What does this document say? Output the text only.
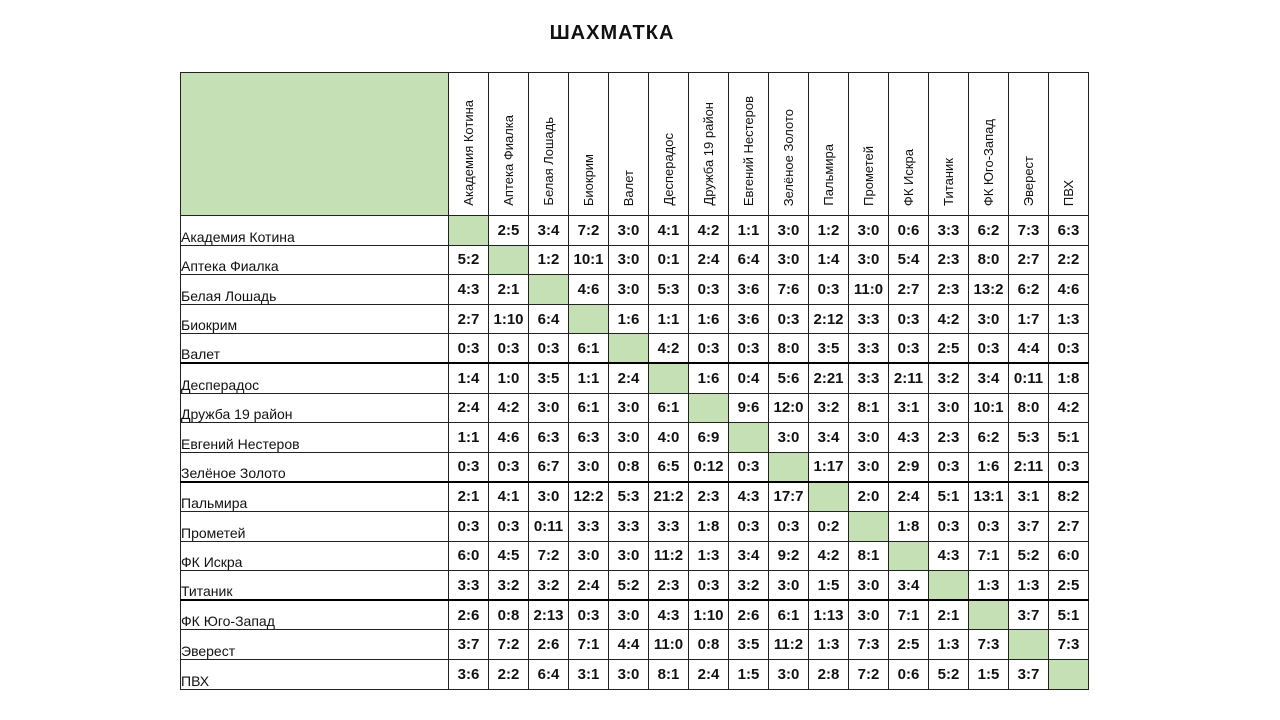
ШАХМАТКА
	Академия Котина	Аптека Фиалка	Белая Лошадь	Биокрим	Валет	Десперадос	Дружба 19 район	Евгений Нестеров	Зелёное Золото	Пальмира	Прометей	ФК Искра	Титаник	ФК Юго-Запад	Эверест	ПВХ
Академия Котина		2:5	3:4	7:2	3:0	4:1	4:2	1:1	3:0	1:2	3:0	0:6	3:3	6:2	7:3	6:3
Аптека Фиалка	5:2		1:2	10:1	3:0	0:1	2:4	6:4	3:0	1:4	3:0	5:4	2:3	8:0	2:7	2:2
Белая Лошадь	4:3	2:1		4:6	3:0	5:3	0:3	3:6	7:6	0:3	11:0	2:7	2:3	13:2	6:2	4:6
Биокрим	2:7	1:10	6:4		1:6	1:1	1:6	3:6	0:3	2:12	3:3	0:3	4:2	3:0	1:7	1:3
Валет	0:3	0:3	0:3	6:1		4:2	0:3	0:3	8:0	3:5	3:3	0:3	2:5	0:3	4:4	0:3
Десперадос	1:4	1:0	3:5	1:1	2:4		1:6	0:4	5:6	2:21	3:3	2:11	3:2	3:4	0:11	1:8
Дружба 19 район	2:4	4:2	3:0	6:1	3:0	6:1		9:6	12:0	3:2	8:1	3:1	3:0	10:1	8:0	4:2
Евгений Нестеров	1:1	4:6	6:3	6:3	3:0	4:0	6:9		3:0	3:4	3:0	4:3	2:3	6:2	5:3	5:1
Зелёное Золото	0:3	0:3	6:7	3:0	0:8	6:5	0:12	0:3		1:17	3:0	2:9	0:3	1:6	2:11	0:3
Пальмира	2:1	4:1	3:0	12:2	5:3	21:2	2:3	4:3	17:7		2:0	2:4	5:1	13:1	3:1	8:2
Прометей	0:3	0:3	0:11	3:3	3:3	3:3	1:8	0:3	0:3	0:2		1:8	0:3	0:3	3:7	2:7
ФК Искра	6:0	4:5	7:2	3:0	3:0	11:2	1:3	3:4	9:2	4:2	8:1		4:3	7:1	5:2	6:0
Титаник	3:3	3:2	3:2	2:4	5:2	2:3	0:3	3:2	3:0	1:5	3:0	3:4		1:3	1:3	2:5
ФК Юго-Запад	2:6	0:8	2:13	0:3	3:0	4:3	1:10	2:6	6:1	1:13	3:0	7:1	2:1		3:7	5:1
Эверест	3:7	7:2	2:6	7:1	4:4	11:0	0:8	3:5	11:2	1:3	7:3	2:5	1:3	7:3		7:3
ПВХ	3:6	2:2	6:4	3:1	3:0	8:1	2:4	1:5	3:0	2:8	7:2	0:6	5:2	1:5	3:7	
